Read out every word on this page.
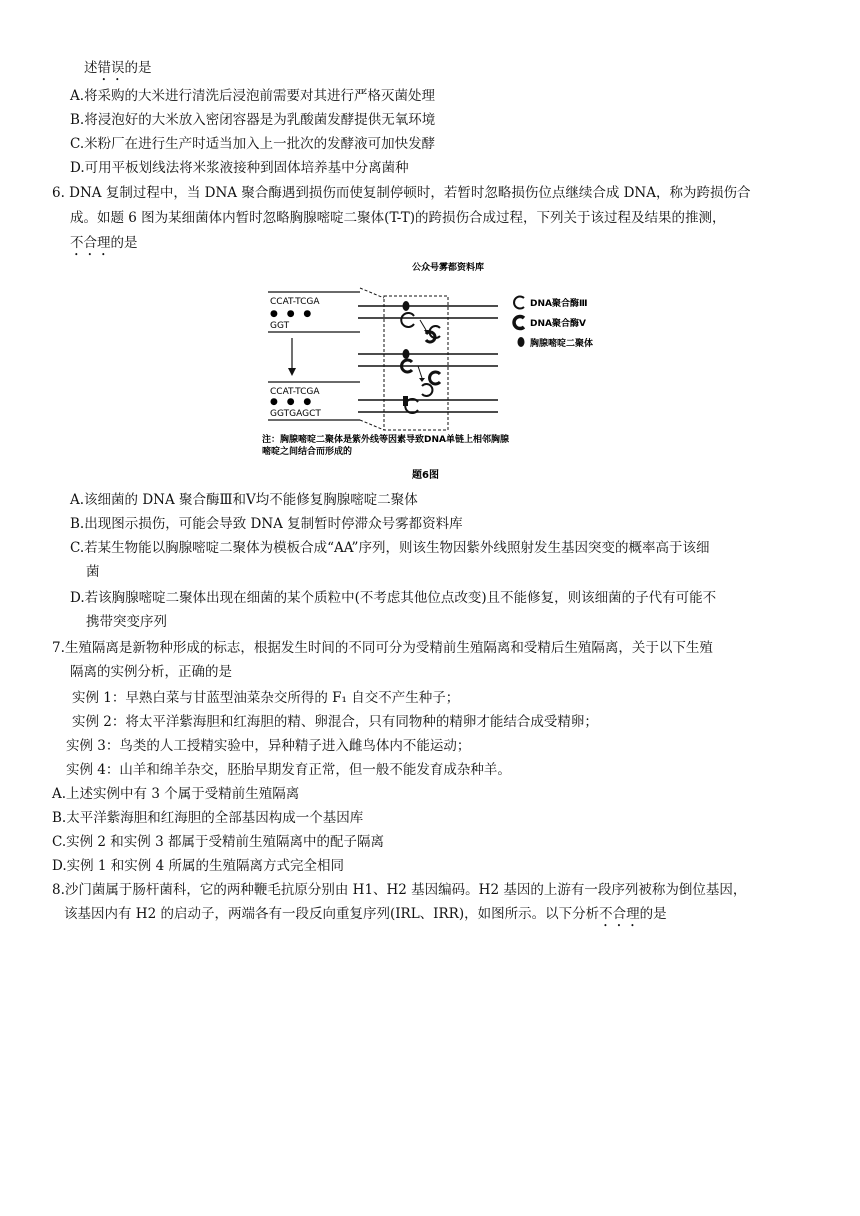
述错误的是
A.将采购的大米进行清洗后浸泡前需要对其进行严格灭菌处理
B.将浸泡好的大米放入密闭容器是为乳酸菌发酵提供无氧环境
C.米粉厂在进行生产时适当加入上一批次的发酵液可加快发酵
D.可用平板划线法将米浆液接种到固体培养基中分离菌种
6. DNA 复制过程中，当 DNA 聚合酶遇到损伤而使复制停顿时，若暂时忽略损伤位点继续合成 DNA，称为跨损伤合
成。如题 6 图为某细菌体内暂时忽略胸腺嘧啶二聚体(T-T)的跨损伤合成过程，下列关于该过程及结果的推测，
不合理的是
公众号雾都资料库
CCAT-TCGA
● ● ●
GGT
CCAT-TCGA
● ● ●
GGTGAGCT
DNA聚合酶Ⅲ
DNA聚合酶Ⅴ
胸腺嘧啶二聚体
注：胸腺嘧啶二聚体是紫外线等因素导致DNA单链上相邻胸腺
嘧啶之间结合而形成的
题6图
A.该细菌的 DNA 聚合酶Ⅲ和Ⅴ均不能修复胸腺嘧啶二聚体
B.出现图示损伤，可能会导致 DNA 复制暂时停滞众号雾都资料库
C.若某生物能以胸腺嘧啶二聚体为模板合成“AA”序列，则该生物因紫外线照射发生基因突变的概率高于该细
菌
D.若该胸腺嘧啶二聚体出现在细菌的某个质粒中(不考虑其他位点改变)且不能修复，则该细菌的子代有可能不
携带突变序列
7.生殖隔离是新物种形成的标志，根据发生时间的不同可分为受精前生殖隔离和受精后生殖隔离，关于以下生殖
隔离的实例分析，正确的是
实例 1：早熟白菜与甘蓝型油菜杂交所得的 F₁ 自交不产生种子；
实例 2：将太平洋紫海胆和红海胆的精、卵混合，只有同物种的精卵才能结合成受精卵；
实例 3：鸟类的人工授精实验中，异种精子进入雌鸟体内不能运动；
实例 4：山羊和绵羊杂交，胚胎早期发育正常，但一般不能发育成杂种羊。
A.上述实例中有 3 个属于受精前生殖隔离
B.太平洋紫海胆和红海胆的全部基因构成一个基因库
C.实例 2 和实例 3 都属于受精前生殖隔离中的配子隔离
D.实例 1 和实例 4 所属的生殖隔离方式完全相同
8.沙门菌属于肠杆菌科，它的两种鞭毛抗原分别由 H1、H2 基因编码。H2 基因的上游有一段序列被称为倒位基因，
该基因内有 H2 的启动子，两端各有一段反向重复序列(IRL、IRR)，如图所示。以下分析不合理的是
